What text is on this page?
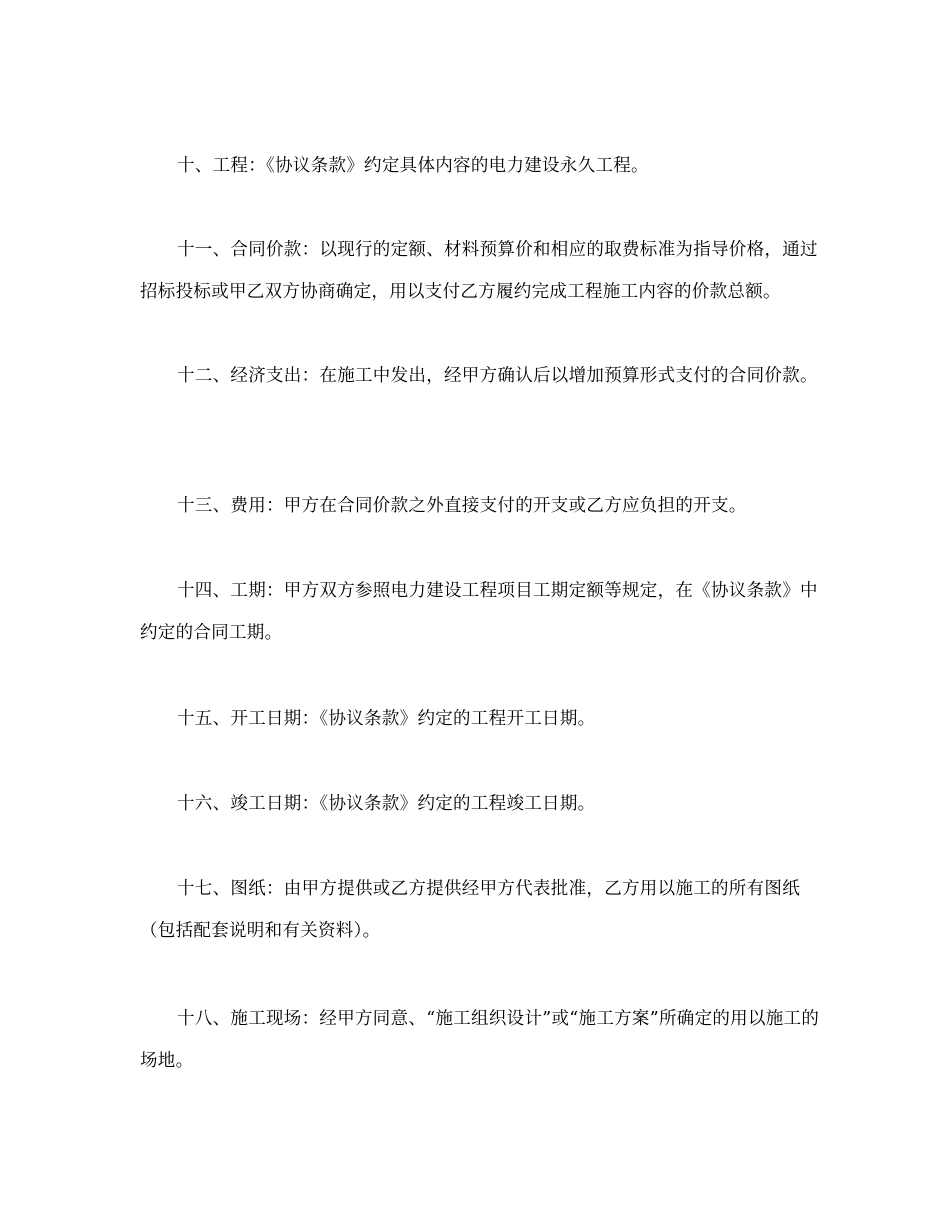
十、工程：《协议条款》约定具体内容的电力建设永久工程。

十一、合同价款：以现行的定额、材料预算价和相应的取费标准为指导价格，通过招标投标或甲乙双方协商确定，用以支付乙方履约完成工程施工内容的价款总额。

十二、经济支出：在施工中发出，经甲方确认后以增加预算形式支付的合同价款。

十三、费用：甲方在合同价款之外直接支付的开支或乙方应负担的开支。

十四、工期：甲方双方参照电力建设工程项目工期定额等规定，在《协议条款》中约定的合同工期。

十五、开工日期：《协议条款》约定的工程开工日期。

十六、竣工日期：《协议条款》约定的工程竣工日期。

十七、图纸：由甲方提供或乙方提供经甲方代表批准，乙方用以施工的所有图纸（包括配套说明和有关资料）。

十八、施工现场：经甲方同意、“施工组织设计”或“施工方案”所确定的用以施工的场地。
